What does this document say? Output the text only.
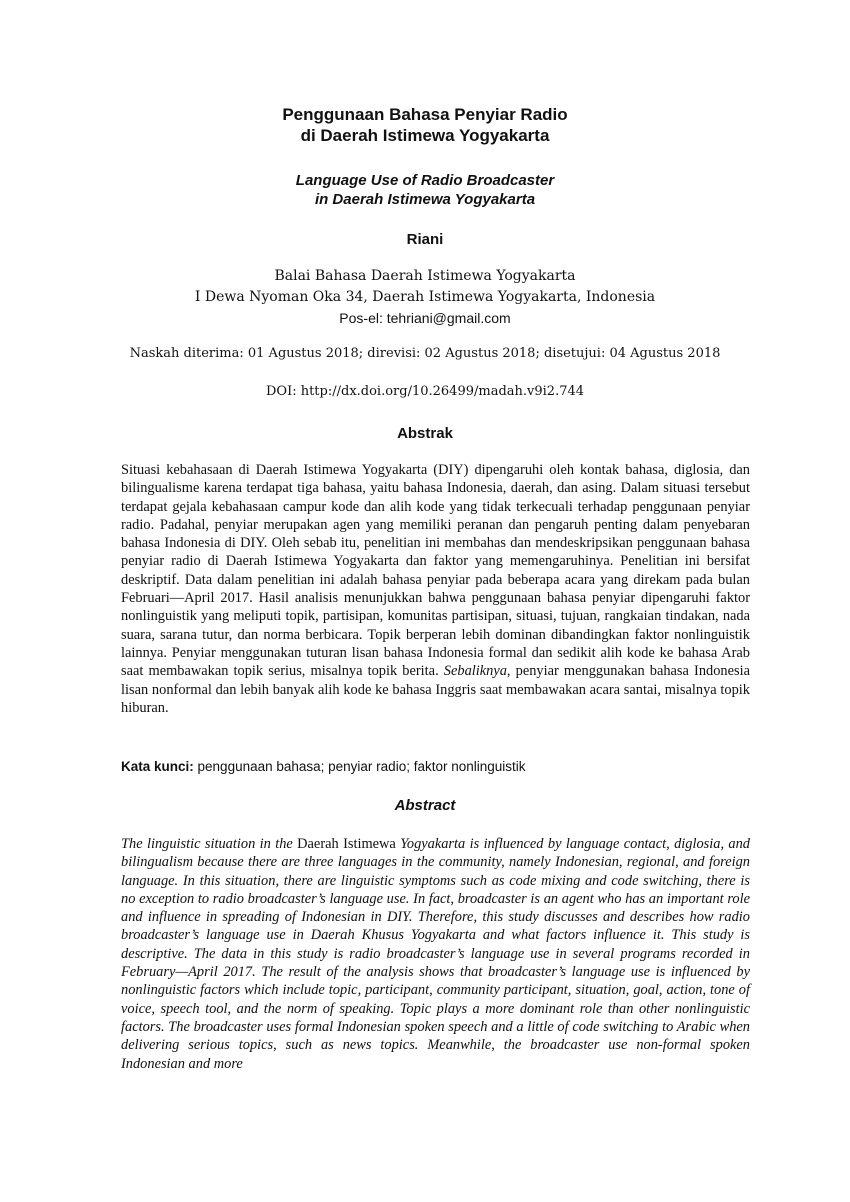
Penggunaan Bahasa Penyiar Radio
di Daerah Istimewa Yogyakarta
Language Use of Radio Broadcaster
in Daerah Istimewa Yogyakarta
Riani
Balai Bahasa Daerah Istimewa Yogyakarta
I Dewa Nyoman Oka 34, Daerah Istimewa Yogyakarta, Indonesia
Pos-el: tehriani@gmail.com
Naskah diterima: 01 Agustus 2018; direvisi: 02 Agustus 2018; disetujui: 04 Agustus 2018
DOI: http://dx.doi.org/10.26499/madah.v9i2.744
Abstrak
Situasi kebahasaan di Daerah Istimewa Yogyakarta (DIY) dipengaruhi oleh kontak bahasa, diglosia, dan bilingualisme karena terdapat tiga bahasa, yaitu bahasa Indonesia, daerah, dan asing. Dalam situasi tersebut terdapat gejala kebahasaan campur kode dan alih kode yang tidak terkecuali terhadap penggunaan penyiar radio. Padahal, penyiar merupakan agen yang memiliki peranan dan pengaruh penting dalam penyebaran bahasa Indonesia di DIY. Oleh sebab itu, penelitian ini membahas dan mendeskripsikan penggunaan bahasa penyiar radio di Daerah Istimewa Yogyakarta dan faktor yang memengaruhinya. Penelitian ini bersifat deskriptif. Data dalam penelitian ini adalah bahasa penyiar pada beberapa acara yang direkam pada bulan Februari—April 2017. Hasil analisis menunjukkan bahwa penggunaan bahasa penyiar dipengaruhi faktor nonlinguistik yang meliputi topik, partisipan, komunitas partisipan, situasi, tujuan, rangkaian tindakan, nada suara, sarana tutur, dan norma berbicara. Topik berperan lebih dominan dibandingkan faktor nonlinguistik lainnya. Penyiar menggunakan tuturan lisan bahasa Indonesia formal dan sedikit alih kode ke bahasa Arab saat membawakan topik serius, misalnya topik berita. Sebaliknya, penyiar menggunakan bahasa Indonesia lisan nonformal dan lebih banyak alih kode ke bahasa Inggris saat membawakan acara santai, misalnya topik hiburan.
Kata kunci: penggunaan bahasa; penyiar radio; faktor nonlinguistik
Abstract
The linguistic situation in the Daerah Istimewa Yogyakarta is influenced by language contact, diglosia, and bilingualism because there are three languages in the community, namely Indonesian, regional, and foreign language. In this situation, there are linguistic symptoms such as code mixing and code switching, there is no exception to radio broadcaster’s language use. In fact, broadcaster is an agent who has an important role and influence in spreading of Indonesian in DIY. Therefore, this study discusses and describes how radio broadcaster’s language use in Daerah Khusus Yogyakarta and what factors influence it. This study is descriptive. The data in this study is radio broadcaster’s language use in several programs recorded in February—April 2017. The result of the analysis shows that broadcaster’s language use is influenced by nonlinguistic factors which include topic, participant, community participant, situation, goal, action, tone of voice, speech tool, and the norm of speaking. Topic plays a more dominant role than other nonlinguistic factors. The broadcaster uses formal Indonesian spoken speech and a little of code switching to Arabic when delivering serious topics, such as news topics. Meanwhile, the broadcaster use non-formal spoken Indonesian and more
